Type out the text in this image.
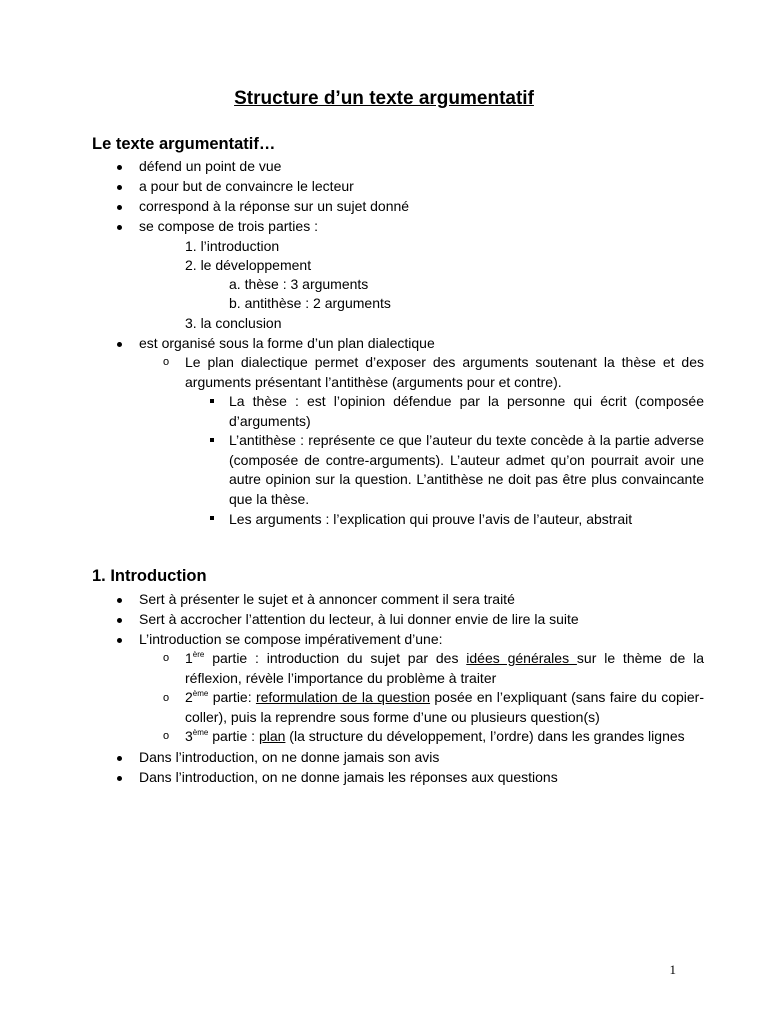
Structure d’un texte argumentatif
Le texte argumentatif…
défend un point de vue
a pour but de convaincre le lecteur
correspond à la réponse sur un sujet donné
se compose de trois parties :
1. l’introduction
2. le développement
a. thèse : 3 arguments
b. antithèse : 2 arguments
3. la conclusion
est organisé sous la forme d’un plan dialectique
o Le plan dialectique permet d’exposer des arguments soutenant la thèse et des arguments présentant l’antithèse (arguments pour et contre).
La thèse : est l’opinion défendue par la personne qui écrit (composée d’arguments)
L’antithèse : représente ce que l’auteur du texte concède à la partie adverse (composée de contre-arguments). L’auteur admet qu’on pourrait avoir une autre opinion sur la question. L’antithèse ne doit pas être plus convaincante que la thèse.
Les arguments : l’explication qui prouve l’avis de l’auteur, abstrait
1. Introduction
Sert à présenter le sujet et à annoncer comment il sera traité
Sert à accrocher l’attention du lecteur, à lui donner envie de lire la suite
L’introduction se compose impérativement d’une:
o 1ère partie : introduction du sujet par des idées générales sur le thème de la réflexion, révèle l’importance du problème à traiter
o 2ème partie: reformulation de la question posée en l’expliquant (sans faire du copier-coller), puis la reprendre sous forme d’une ou plusieurs question(s)
o 3ème partie : plan (la structure du développement, l’ordre) dans les grandes lignes
Dans l’introduction, on ne donne jamais son avis
Dans l’introduction, on ne donne jamais les réponses aux questions
1
